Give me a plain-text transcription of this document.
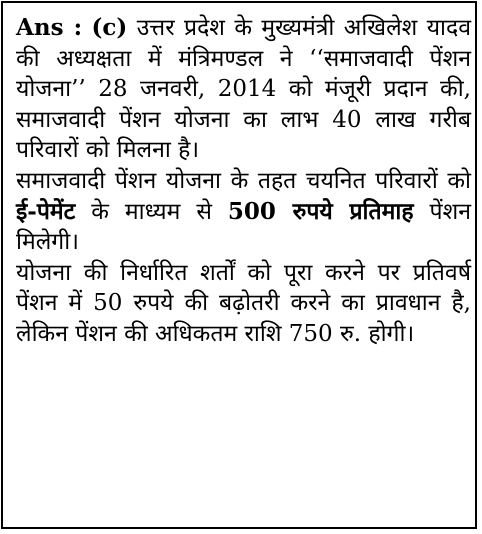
Ans : (c) उत्तर प्रदेश के मुख्यमंत्री अखिलेश यादव की अध्यक्षता में मंत्रिमण्डल ने ‘‘समाजवादी पेंशन योजना’’ 28 जनवरी, 2014 को मंजूरी प्रदान की, समाजवादी पेंशन योजना का लाभ 40 लाख गरीब परिवारों को मिलना है।

समाजवादी पेंशन योजना के तहत चयनित परिवारों को ई-पेमेंट के माध्यम से 500 रुपये प्रतिमाह पेंशन मिलेगी।

योजना की निर्धारित शर्तों को पूरा करने पर प्रतिवर्ष पेंशन में 50 रुपये की बढ़ोतरी करने का प्रावधान है, लेकिन पेंशन की अधिकतम राशि 750 रु. होगी।
